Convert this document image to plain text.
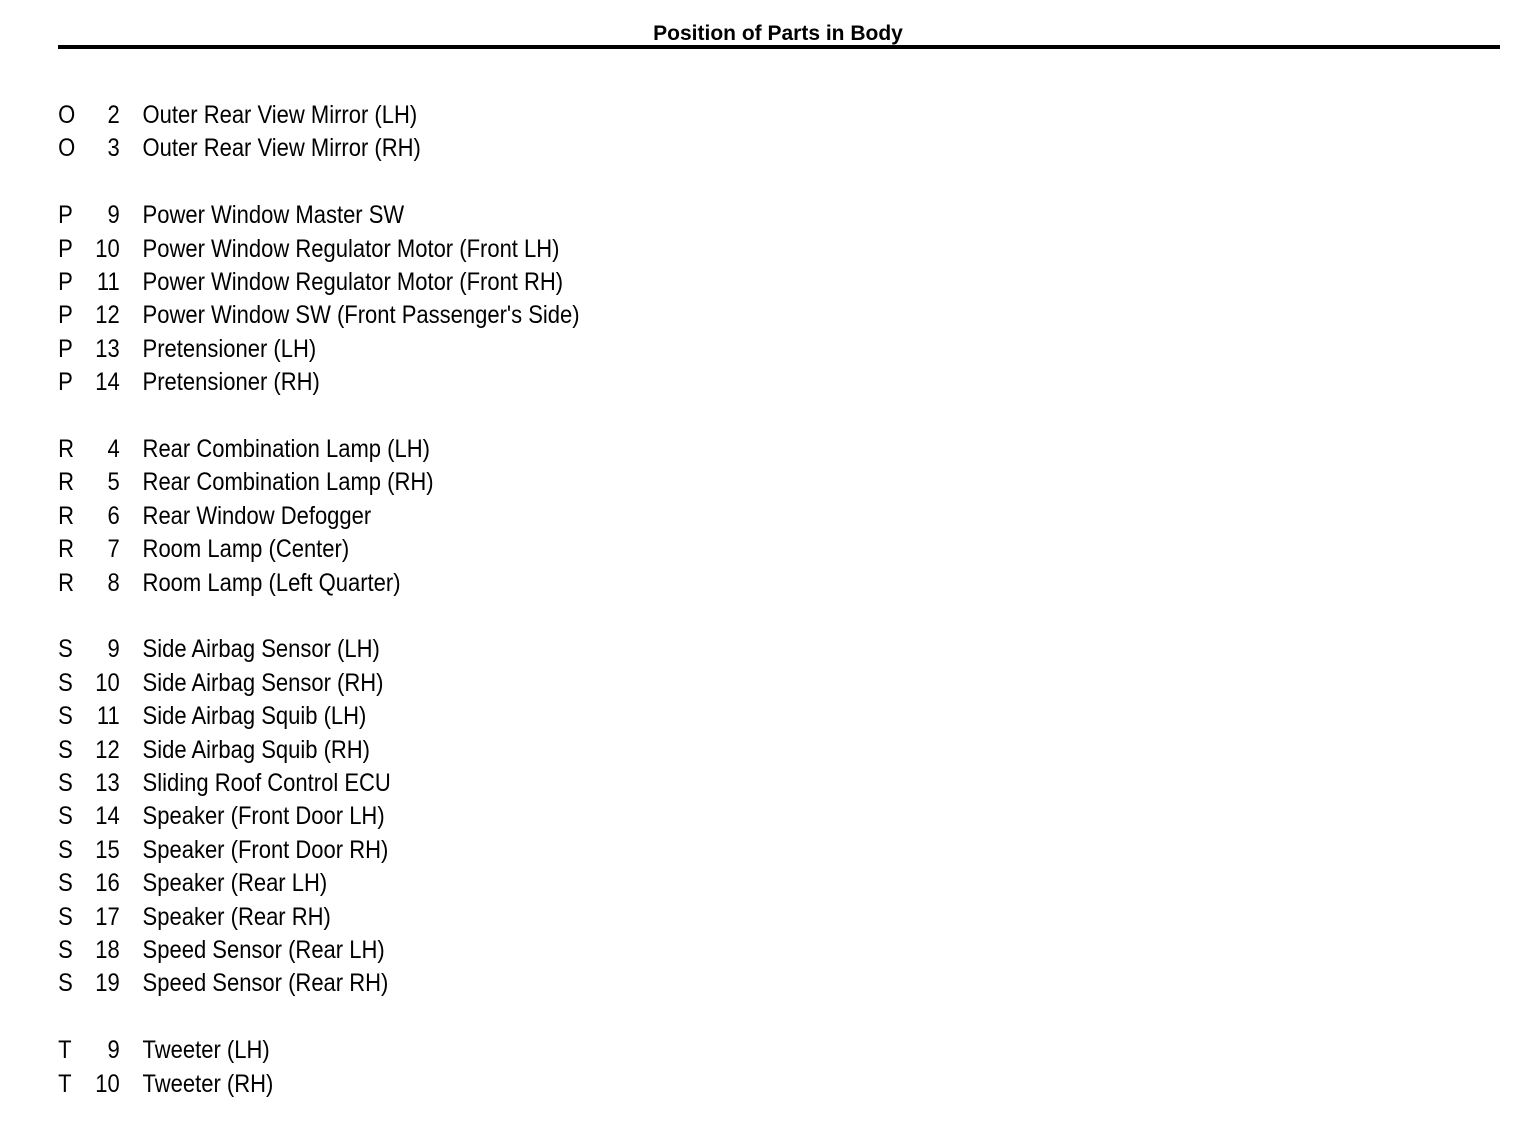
Position of Parts in Body
O	2 Outer Rear View Mirror (LH)
O	3 Outer Rear View Mirror (RH)
P	9 Power Window Master SW
P 10 Power Window Regulator Motor (Front LH)
P 11 Power Window Regulator Motor (Front RH)
P 12 Power Window SW (Front Passenger's Side)
P 13 Pretensioner (LH)
P 14 Pretensioner (RH)
R	4 Rear Combination Lamp (LH)
R	5 Rear Combination Lamp (RH)
R	6 Rear Window Defogger
R	7 Room Lamp (Center)
R	8 Room Lamp (Left Quarter)
S	9 Side Airbag Sensor (LH)
S 10 Side Airbag Sensor (RH)
S 11 Side Airbag Squib (LH)
S 12 Side Airbag Squib (RH)
S 13 Sliding Roof Control ECU
S 14 Speaker (Front Door LH)
S 15 Speaker (Front Door RH)
S 16 Speaker (Rear LH)
S 17 Speaker (Rear RH)
S 18 Speed Sensor (Rear LH)
S 19 Speed Sensor (Rear RH)
T	9 Tweeter (LH)
T 10 Tweeter (RH)
